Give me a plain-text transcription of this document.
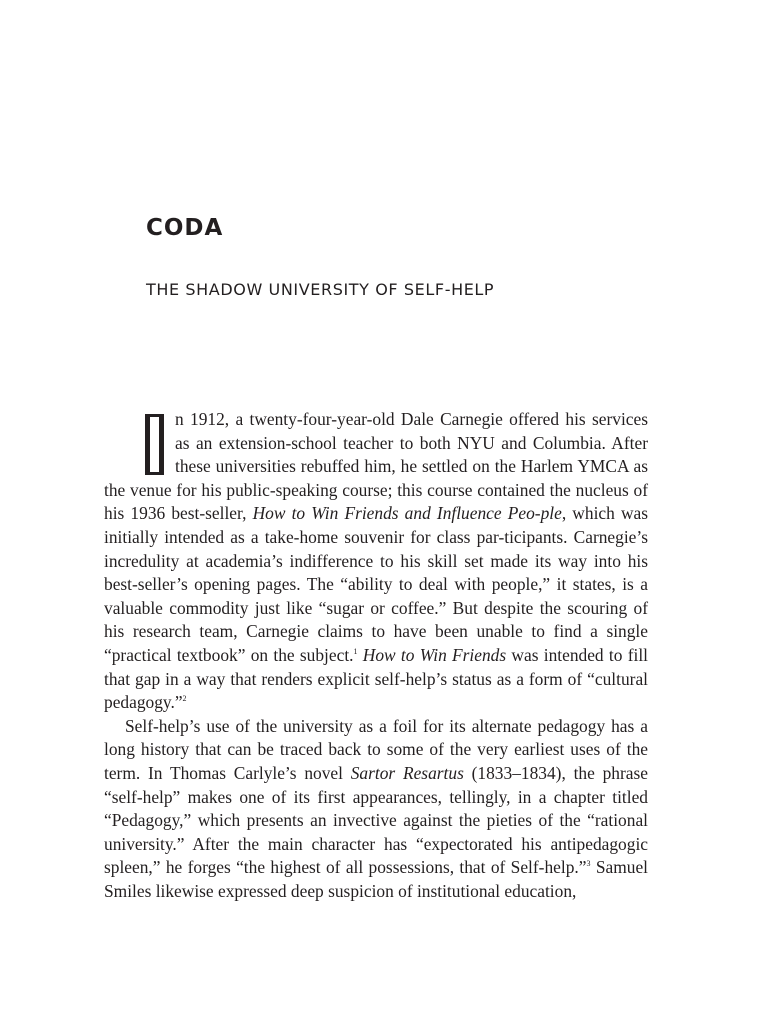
CODA
THE SHADOW UNIVERSITY OF SELF-HELP

n 1912, a twenty-four-year-old Dale Carnegie offered his services as an extension-school teacher to both NYU and Columbia. After these universities rebuffed him, he settled on the Harlem YMCA as the venue for his public-speaking course; this course contained the nucleus of his 1936 best-seller, How to Win Friends and Influence Peo-ple, which was initially intended as a take-home souvenir for class par-ticipants. Carnegie’s incredulity at academia’s indifference to his skill set made its way into his best-seller’s opening pages. The “ability to deal with people,” it states, is a valuable commodity just like “sugar or coffee.” But despite the scouring of his research team, Carnegie claims to have been unable to find a single “practical textbook” on the subject.$^1$ How to Win Friends was intended to fill that gap in a way that renders explicit self-help’s status as a form of “cultural pedagogy.”$^2$

Self-help’s use of the university as a foil for its alternate pedagogy has a long history that can be traced back to some of the very earliest uses of the term. In Thomas Carlyle’s novel Sartor Resartus (1833–1834), the phrase “self-help” makes one of its first appearances, tellingly, in a chapter titled “Pedagogy,” which presents an invective against the pieties of the “rational university.” After the main character has “expectorated his antipedagogic spleen,” he forges “the highest of all possessions, that of Self-help.”$^3$ Samuel Smiles likewise expressed deep suspicion of institutional education,
